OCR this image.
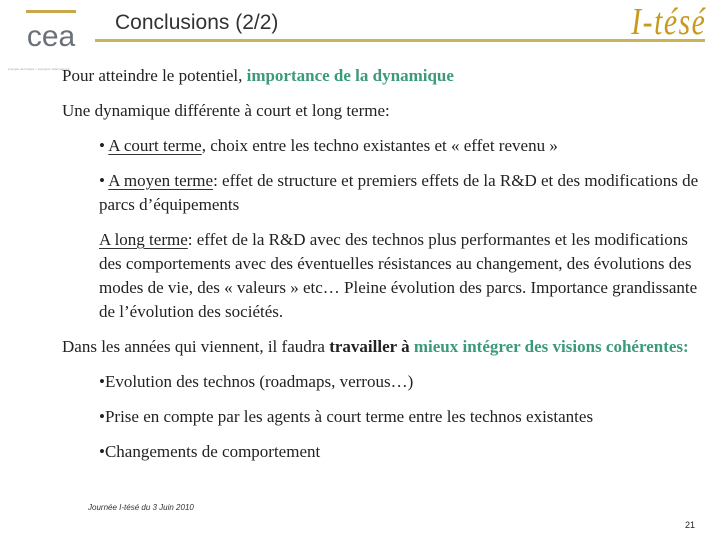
cea
énergie atomique • énergies alternatives
Conclusions (2/2)	I-tésé

Pour atteindre le potentiel, importance de la dynamique

Une dynamique différente à court et long terme:

• A court terme, choix entre les techno existantes et « effet revenu »

• A moyen terme: effet de structure et premiers effets de la R&D et des modifications de parcs d’équipements

A long terme: effet de la R&D avec des technos plus performantes et les modifications des comportements avec des éventuelles résistances au changement, des évolutions des modes de vie, des « valeurs » etc… Pleine évolution des parcs. Importance grandissante de l’évolution des sociétés.

Dans les années qui viennent, il faudra travailler à mieux intégrer des visions cohérentes:

•Evolution des technos (roadmaps, verrous…)

•Prise en compte par les agents à court terme entre les technos existantes

•Changements de comportement

Journée I-tésé du 3 Juin 2010
21
